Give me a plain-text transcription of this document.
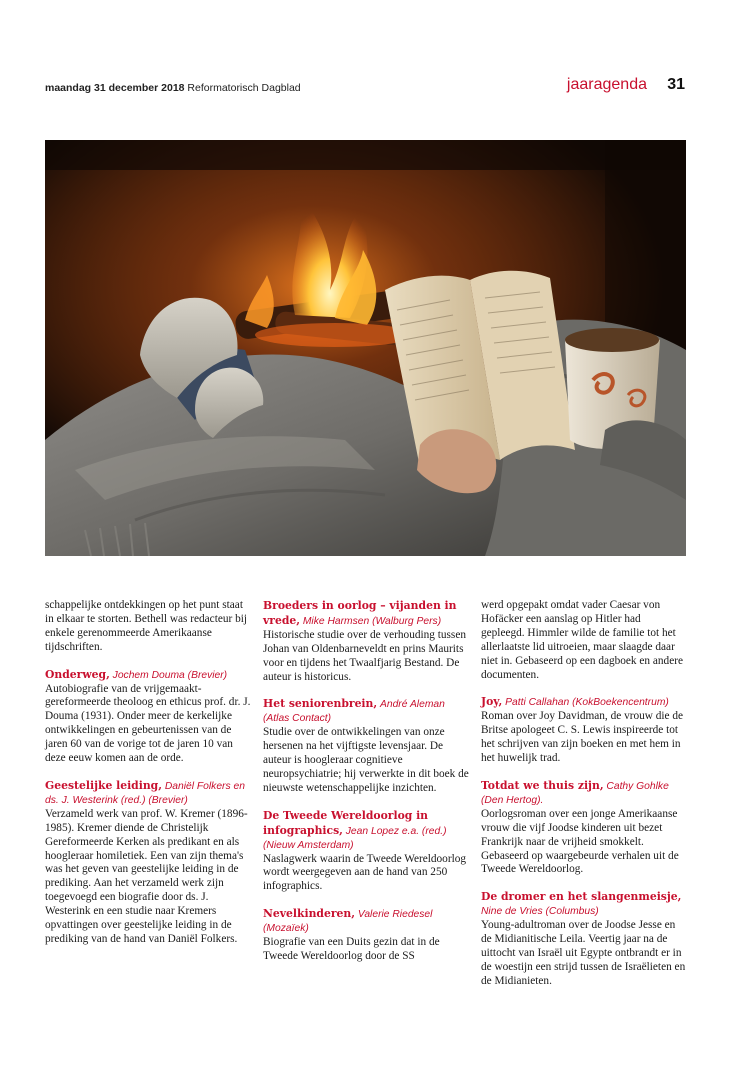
maandag 31 december 2018 Reformatorisch Dagblad	jaaragenda 31

schappelijke ontdekkingen op het punt staat in elkaar te storten. Bethell was redacteur bij enkele gerenommeerde Amerikaanse tijdschriften.

Onderweg, Jochem Douma (Brevier)

Autobiografie van de vrijgemaakt-gereformeerde theoloog en ethicus prof. dr. J. Douma (1931). Onder meer de kerkelijke ontwikkelingen en gebeurtenissen van de jaren 60 van de vorige tot de jaren 10 van deze eeuw komen aan de orde.

Geestelijke leiding, Daniël Folkers en ds. J. Westerink (red.) (Brevier)

Verzameld werk van prof. W. Kremer (1896-1985). Kremer diende de Christelijk Gereformeerde Kerken als predikant en als hoogleraar homiletiek. Een van zijn thema's was het geven van geestelijke leiding in de prediking. Aan het verzameld werk zijn toegevoegd een biografie door ds. J. Westerink en een studie naar Kremers opvattingen over geestelijke leiding in de prediking van de hand van Daniël Folkers.

Broeders in oorlog – vijanden in vrede, Mike Harmsen (Walburg Pers)

Historische studie over de verhouding tussen Johan van Oldenbarneveldt en prins Maurits voor en tijdens het Twaalfjarig Bestand. De auteur is historicus.

Het seniorenbrein, André Aleman (Atlas Contact)

Studie over de ontwikkelingen van onze hersenen na het vijftigste levensjaar. De auteur is hoogleraar cognitieve neuropsychiatrie; hij verwerkte in dit boek de nieuwste wetenschappelijke inzichten.

De Tweede Wereldoorlog in infographics, Jean Lopez e.a. (red.) (Nieuw Amsterdam)

Naslagwerk waarin de Tweede Wereldoorlog wordt weergegeven aan de hand van 250 infographics.

Nevelkinderen, Valerie Riedesel (Mozaïek)

Biografie van een Duits gezin dat in de Tweede Wereldoorlog door de SS

werd opgepakt omdat vader Caesar von Hofäcker een aanslag op Hitler had gepleegd. Himmler wilde de familie tot het allerlaatste lid uitroeien, maar slaagde daar niet in. Gebaseerd op een dagboek en andere documenten.

Joy, Patti Callahan (KokBoekencentrum)

Roman over Joy Davidman, de vrouw die de Britse apologeet C. S. Lewis inspireerde tot het schrijven van zijn boeken en met hem in het huwelijk trad.

Totdat we thuis zijn, Cathy Gohlke (Den Hertog).

Oorlogsroman over een jonge Amerikaanse vrouw die vijf Joodse kinderen uit bezet Frankrijk naar de vrijheid smokkelt. Gebaseerd op waargebeurde verhalen uit de Tweede Wereldoorlog.

De dromer en het slangenmeisje, Nine de Vries (Columbus)

Young-adultroman over de Joodse Jesse en de Midianitische Leila. Veertig jaar na de uittocht van Israël uit Egypte ontbrandt er in de woestijn een strijd tussen de Israëlieten en de Midianieten.
